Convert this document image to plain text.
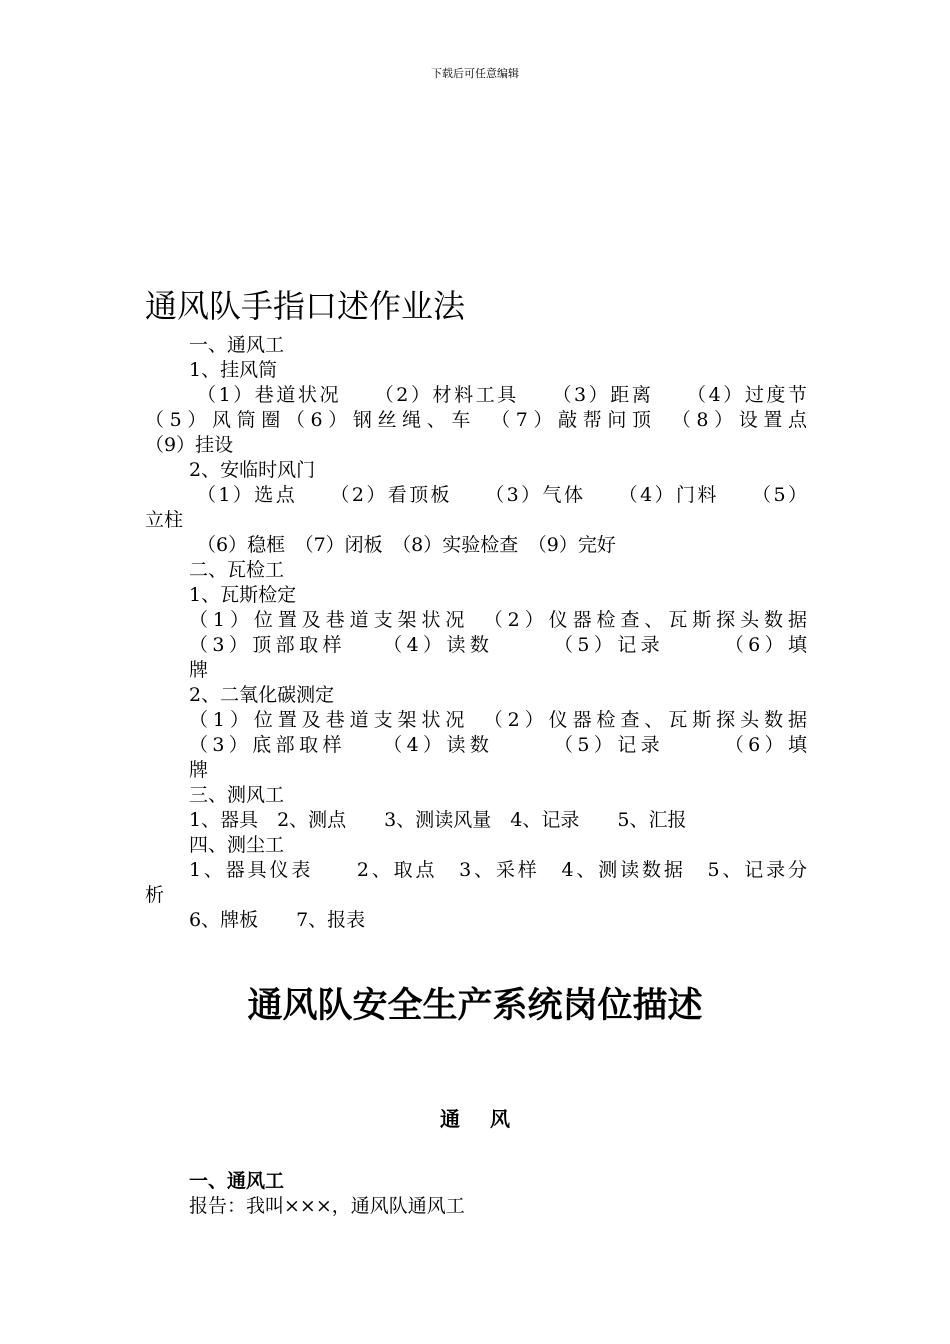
下载后可任意编辑
通风队手指口述作业法
一、通风工
1、挂风筒
（1）巷道状况　　（2）材料工具　　（3）距离　　（4）过度节
（5）风筒圈（6）钢丝绳、车　（7）敲帮问顶　（8）设置点
（9）挂设
2、安临时风门
（1）选点　　（2）看顶板　　（3）气体　　（4）门料　　（5）
立柱
（6）稳框　（7）闭板　（8）实验检查　（9）完好
二、瓦检工
1、瓦斯检定
（1）位置及巷道支架状况　（2）仪器检查、瓦斯探头数据
（3）顶部取样　　（4）读数　　　（5）记录　　　（6）填
牌
2、二氧化碳测定
（1）位置及巷道支架状况　（2）仪器检查、瓦斯探头数据
（3）底部取样　　（4）读数　　　（5）记录　　　（6）填
牌
三、测风工
1、器具　2、测点　　3、测读风量　4、记录　　5、汇报
四、测尘工
1、器具仪表　　2、取点　3、采样　4、测读数据　5、记录分
析
6、牌板　　7、报表
通风队安全生产系统岗位描述
通风
一、通风工
报告：我叫×××，通风队通风工
